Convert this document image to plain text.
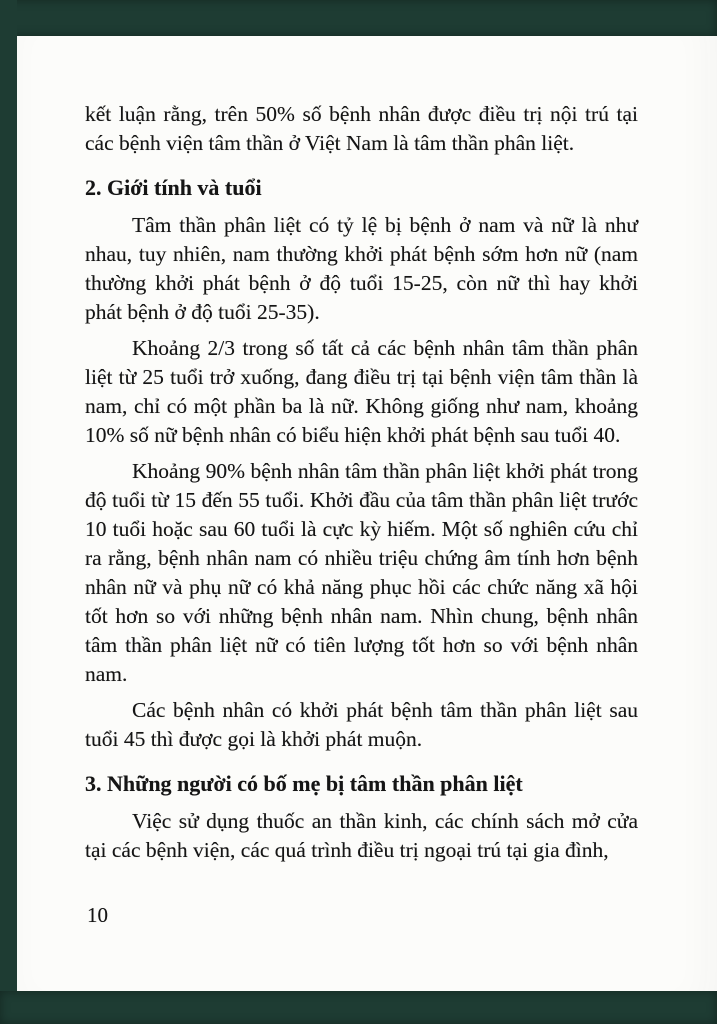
kết luận rằng, trên 50% số bệnh nhân được điều trị nội trú tại các bệnh viện tâm thần ở Việt Nam là tâm thần phân liệt.

2. Giới tính và tuổi

Tâm thần phân liệt có tỷ lệ bị bệnh ở nam và nữ là như nhau, tuy nhiên, nam thường khởi phát bệnh sớm hơn nữ (nam thường khởi phát bệnh ở độ tuổi 15-25, còn nữ thì hay khởi phát bệnh ở độ tuổi 25-35).

Khoảng 2/3 trong số tất cả các bệnh nhân tâm thần phân liệt từ 25 tuổi trở xuống, đang điều trị tại bệnh viện tâm thần là nam, chỉ có một phần ba là nữ. Không giống như nam, khoảng 10% số nữ bệnh nhân có biểu hiện khởi phát bệnh sau tuổi 40.

Khoảng 90% bệnh nhân tâm thần phân liệt khởi phát trong độ tuổi từ 15 đến 55 tuổi. Khởi đầu của tâm thần phân liệt trước 10 tuổi hoặc sau 60 tuổi là cực kỳ hiếm. Một số nghiên cứu chỉ ra rằng, bệnh nhân nam có nhiều triệu chứng âm tính hơn bệnh nhân nữ và phụ nữ có khả năng phục hồi các chức năng xã hội tốt hơn so với những bệnh nhân nam. Nhìn chung, bệnh nhân tâm thần phân liệt nữ có tiên lượng tốt hơn so với bệnh nhân nam.

Các bệnh nhân có khởi phát bệnh tâm thần phân liệt sau tuổi 45 thì được gọi là khởi phát muộn.

3. Những người có bố mẹ bị tâm thần phân liệt

Việc sử dụng thuốc an thần kinh, các chính sách mở cửa tại các bệnh viện, các quá trình điều trị ngoại trú tại gia đình,

10
